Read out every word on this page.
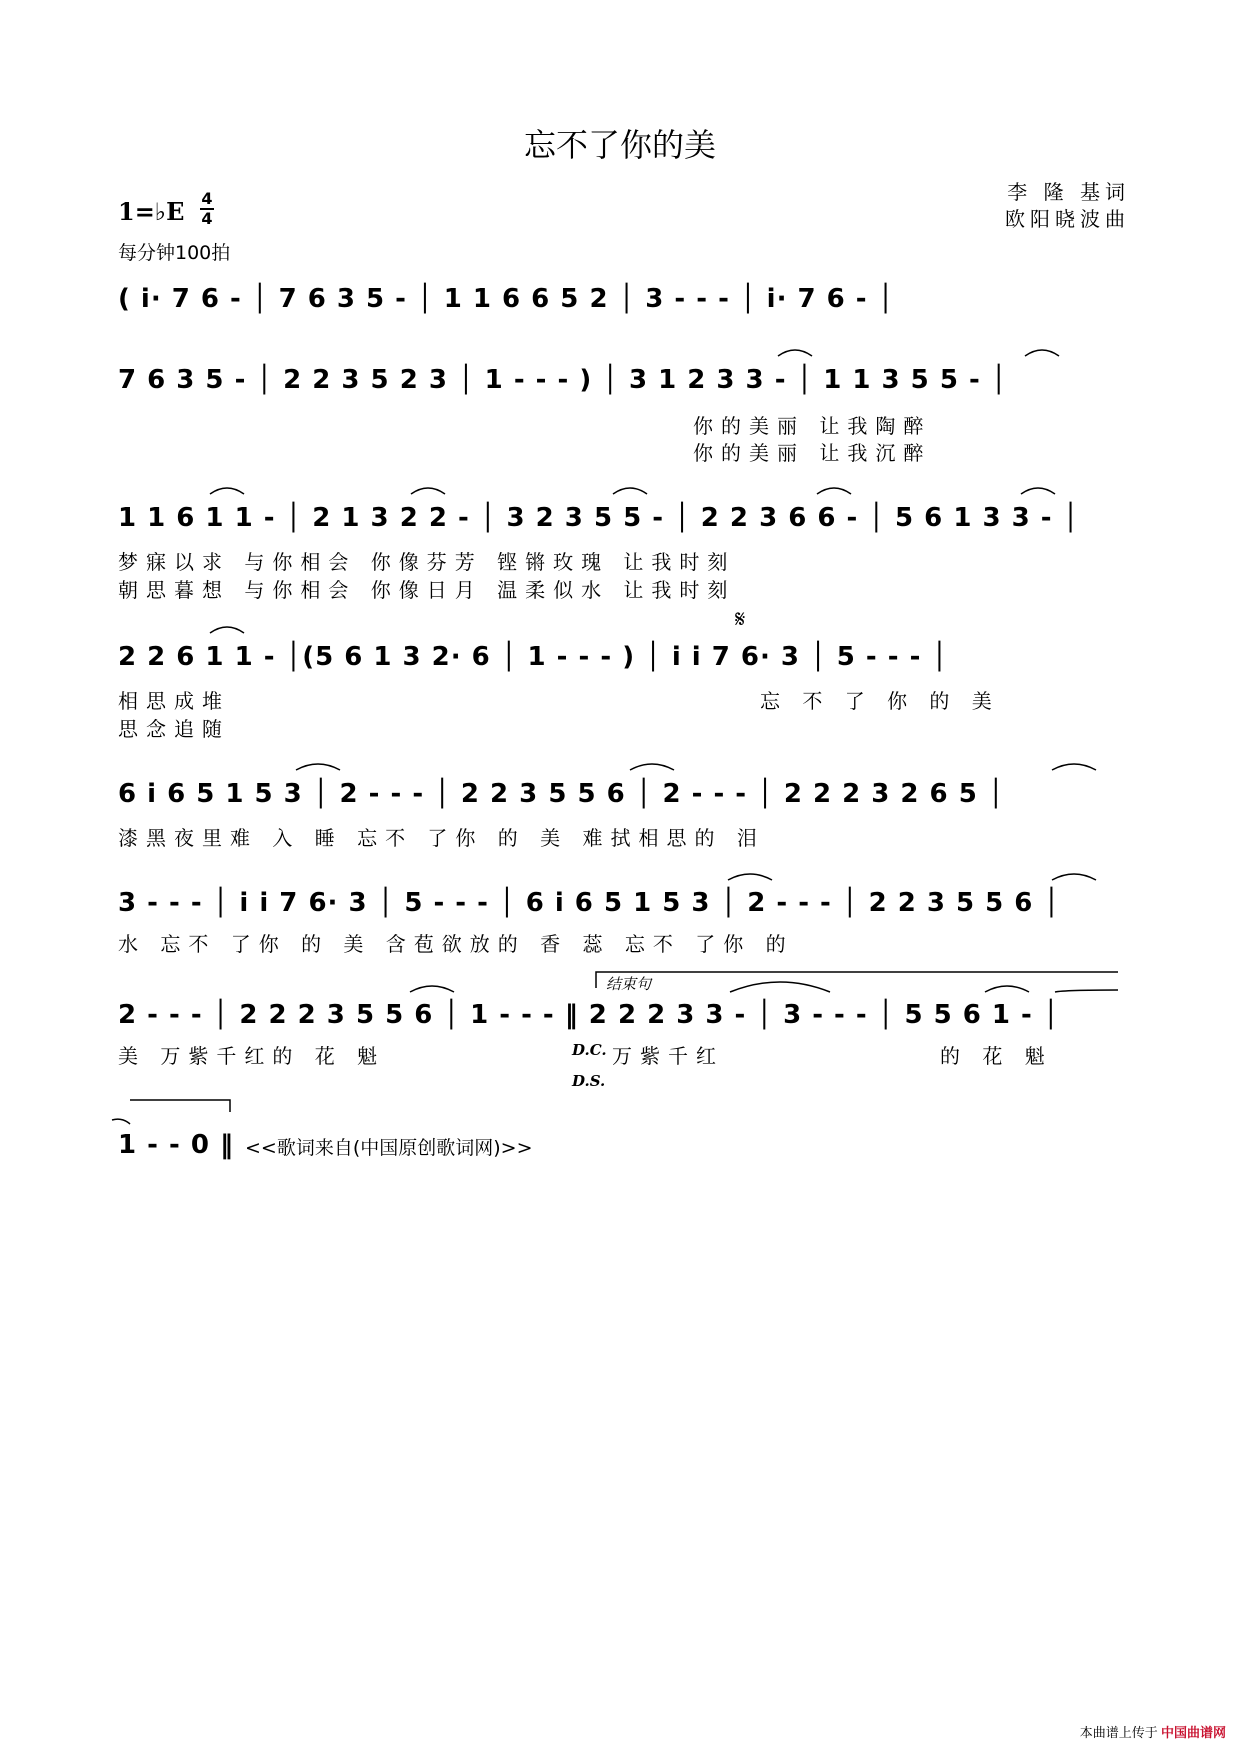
忘不了你的美
李 隆 基词
欧阳晓波曲
1=♭E 4
4
每分钟100拍
( i· 7 6 - │ 7 6 3 5 - │ 1 1 6 6 5 2 │ 3 - - - │ i· 7 6 - │
7 6 3 5 - │ 2 2 3 5 2 3 │ 1 - - - ) │ 3 1 2 3 3 - │ 1 1 3 5 5 - │
你的美丽 让我陶醉
你的美丽 让我沉醉
1 1 6 1 1 - │ 2 1 3 2 2 - │ 3 2 3 5 5 - │ 2 2 3 6 6 - │ 5 6 1 3 3 - │
梦寐以求 与你相会 你像芬芳 铿锵玫瑰 让我时刻
朝思暮想 与你相会 你像日月 温柔似水 让我时刻
𝄋
2 2 6 1 1 - │(5 6 1 3 2· 6 │ 1 - - - ) │ i i 7 6· 3 │ 5 - - - │
相思成堆
思念追随
忘 不 了 你 的 美
6 i 6 5 1 5 3 │ 2 - - - │ 2 2 3 5 5 6 │ 2 - - - │ 2 2 2 3 2 6 5 │
漆黑夜里难 入 睡 忘不 了你 的 美 难拭相思的 泪
3 - - - │ i i 7 6· 3 │ 5 - - - │ 6 i 6 5 1 5 3 │ 2 - - - │ 2 2 3 5 5 6 │
水 忘不 了你 的 美 含苞欲放的 香 蕊 忘不 了你 的
结束句
2 - - - │ 2 2 2 3 5 5 6 │ 1 - - - ‖ 2 2 2 3 3 - │ 3 - - - │ 5 5 6 1 - │
美 万紫千红的 花 魁	D.C. 万紫千红	的 花 魁
D.S.
1 - - 0 ‖ <<歌词来自(中国原创歌词网)>>
本曲谱上传于 中国曲谱网
